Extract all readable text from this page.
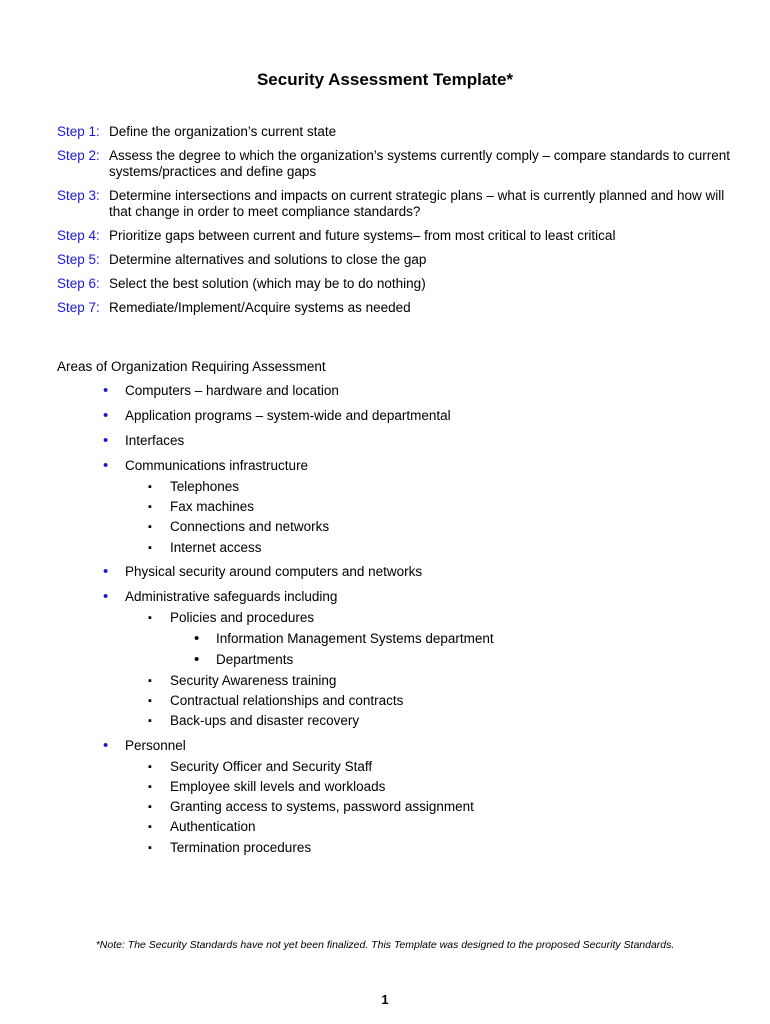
Security Assessment Template*
Step 1: Define the organization’s current state
Step 2: Assess the degree to which the organization’s systems currently comply – compare standards to current systems/practices and define gaps
Step 3: Determine intersections and impacts on current strategic plans – what is currently planned and how will that change in order to meet compliance standards?
Step 4: Prioritize gaps between current and future systems– from most critical to least critical
Step 5: Determine alternatives and solutions to close the gap
Step 6: Select the best solution (which may be to do nothing)
Step 7: Remediate/Implement/Acquire systems as needed
Areas of Organization Requiring Assessment
• Computers – hardware and location
• Application programs – system-wide and departmental
• Interfaces
• Communications infrastructure
▪ Telephones
▪ Fax machines
▪ Connections and networks
▪ Internet access
• Physical security around computers and networks
• Administrative safeguards including
▪ Policies and procedures
• Information Management Systems department
• Departments
▪ Security Awareness training
▪ Contractual relationships and contracts
▪ Back-ups and disaster recovery
• Personnel
▪ Security Officer and Security Staff
▪ Employee skill levels and workloads
▪ Granting access to systems, password assignment
▪ Authentication
▪ Termination procedures
*Note: The Security Standards have not yet been finalized. This Template was designed to the proposed Security Standards.
1
